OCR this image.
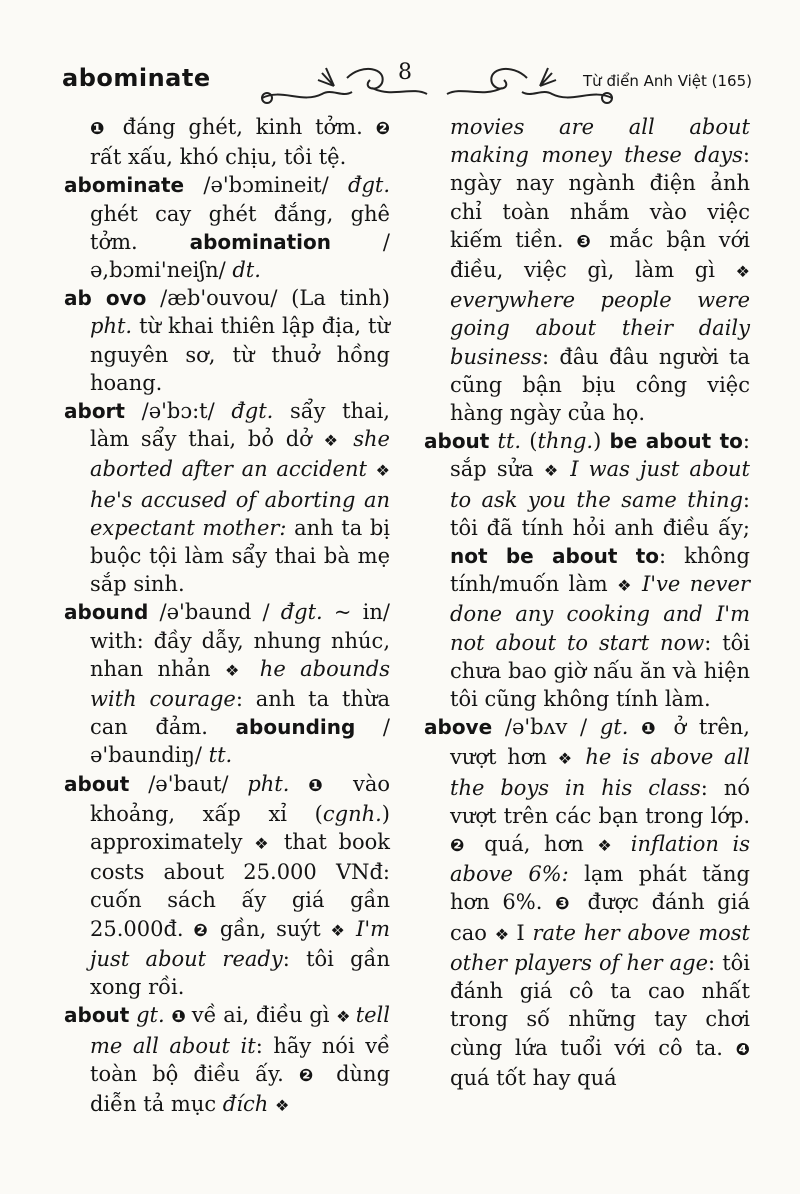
abominate	8	Từ điển Anh Việt (165)

❶ đáng ghét, kinh tởm. ❷ rất xấu, khó chịu, tồi tệ.

abominate /ə'bɔmineit/ đgt. ghét cay ghét đắng, ghê tởm. abomination /ə,bɔmi'neiʃn/ dt.

ab ovo /æb'ouvou/ (La tinh) pht. từ khai thiên lập địa, từ nguyên sơ, từ thuở hồng hoang.

abort /ə'bɔ:t/ đgt. sẩy thai, làm sẩy thai, bỏ dở ❖ she aborted after an accident ❖ he's accused of aborting an expectant mother: anh ta bị buộc tội làm sẩy thai bà mẹ sắp sinh.

abound /ə'baund / đgt. ~ in/ with: đầy dẫy, nhung nhúc, nhan nhản ❖ he abounds with courage: anh ta thừa can đảm. abounding /ə'baundiŋ/ tt.

about /ə'baut/ pht. ❶ vào khoảng, xấp xỉ (cgnh.) approximately ❖ that book costs about 25.000 VNđ: cuốn sách ấy giá gần 25.000đ. ❷ gần, suýt ❖ I'm just about ready: tôi gần xong rồi.

about gt. ❶ về ai, điều gì ❖ tell me all about it: hãy nói về toàn bộ điều ấy. ❷ dùng diễn tả mục đích ❖

movies are all about making money these days: ngày nay ngành điện ảnh chỉ toàn nhắm vào việc kiếm tiền. ❸ mắc bận với điều, việc gì, làm gì ❖ everywhere people were going about their daily business: đâu đâu người ta cũng bận bịu công việc hàng ngày của họ.

about tt. (thng.) be about to: sắp sửa ❖ I was just about to ask you the same thing: tôi đã tính hỏi anh điều ấy; not be about to: không tính/muốn làm ❖ I've never done any cooking and I'm not about to start now: tôi chưa bao giờ nấu ăn và hiện tôi cũng không tính làm.

above /ə'bʌv / gt. ❶ ở trên, vượt hơn ❖ he is above all the boys in his class: nó vượt trên các bạn trong lớp. ❷ quá, hơn ❖ inflation is above 6%: lạm phát tăng hơn 6%. ❸ được đánh giá cao ❖ I rate her above most other players of her age: tôi đánh giá cô ta cao nhất trong số những tay chơi cùng lứa tuổi với cô ta. ❹ quá tốt hay quá
